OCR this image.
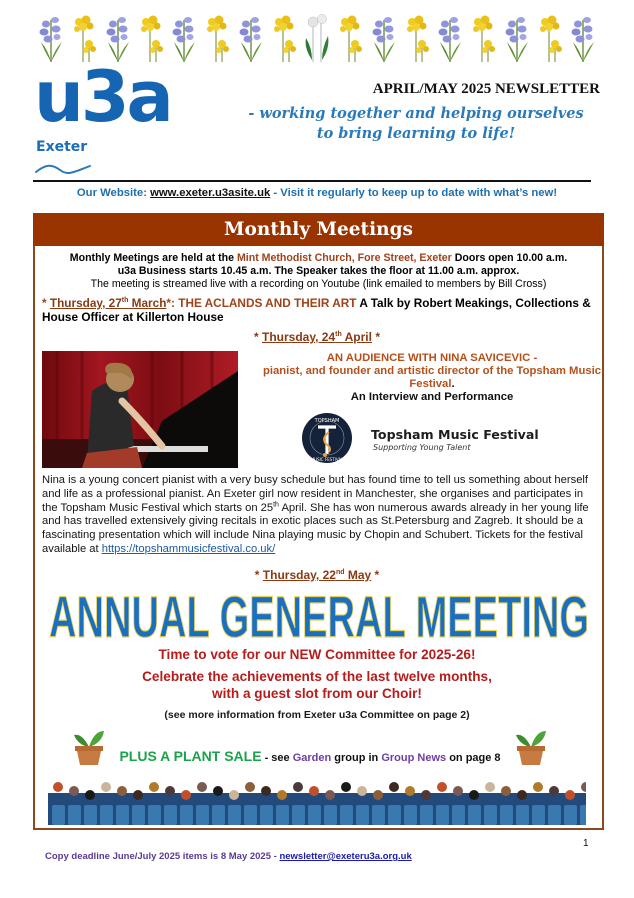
u3a
Exeter
APRIL/MAY 2025 NEWSLETTER
- working together and helping ourselves
to bring learning to life!
Our Website: www.exeter.u3asite.uk - Visit it regularly to keep up to date with what’s new!
Monthly Meetings
Monthly Meetings are held at the Mint Methodist Church, Fore Street, Exeter Doors open 10.00 a.m.
u3a Business starts 10.45 a.m. The Speaker takes the floor at 11.00 a.m. approx.
The meeting is streamed live with a recording on Youtube (link emailed to members by Bill Cross)
* Thursday, 27th March*: THE ACLANDS AND THEIR ART A Talk by Robert Meakings, Collections & House Officer at Killerton House
* Thursday, 24th April *
AN AUDIENCE WITH NINA SAVICEVIC -
pianist, and founder and artistic director of the Topsham Music Festival.
An Interview and Performance
TOPSHAM
MUSIC FESTIVAL
Topsham Music Festival
Supporting Young Talent
Nina is a young concert pianist with a very busy schedule but has found time to tell us something about herself and life as a professional pianist. An Exeter girl now resident in Manchester, she organises and participates in the Topsham Music Festival which starts on 25th April. She has won numerous awards already in her young life and has travelled extensively giving recitals in exotic places such as St.Petersburg and Zagreb. It should be a fascinating presentation which will include Nina playing music by Chopin and Schubert. Tickets for the festival available at https://topshammusicfestival.co.uk/
* Thursday, 22nd May *
ANNUAL GENERAL MEETING
Time to vote for our NEW Committee for 2025-26!
Celebrate the achievements of the last twelve months,
with a guest slot from our Choir!
(see more information from Exeter u3a Committee on page 2)
PLUS A PLANT SALE - see Garden group in Group News on page 8
1
Copy deadline June/July 2025 items is 8 May 2025 - newsletter@exeteru3a.org.uk
